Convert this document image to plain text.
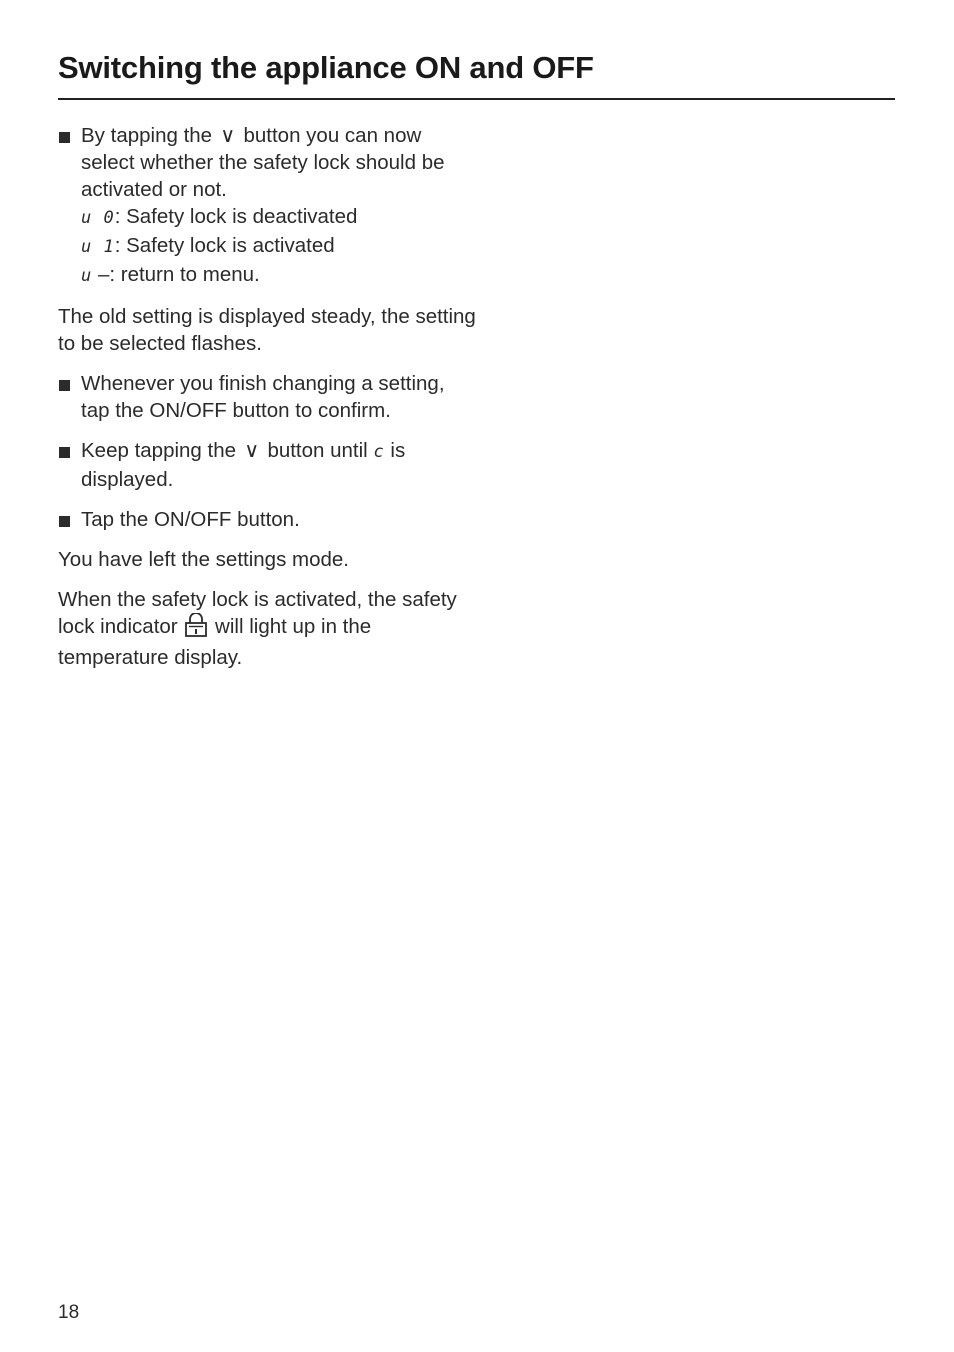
Switching the appliance ON and OFF
By tapping the ∨ button you can now select whether the safety lock should be activated or not.
u 0: Safety lock is deactivated
u 1: Safety lock is activated
u –: return to menu.

The old setting is displayed steady, the setting to be selected flashes.

Whenever you finish changing a setting, tap the ON/OFF button to confirm.
Keep tapping the ∨ button until c is displayed.
Tap the ON/OFF button.

You have left the settings mode.

When the safety lock is activated, the safety lock indicator will light up in the temperature display.

18
